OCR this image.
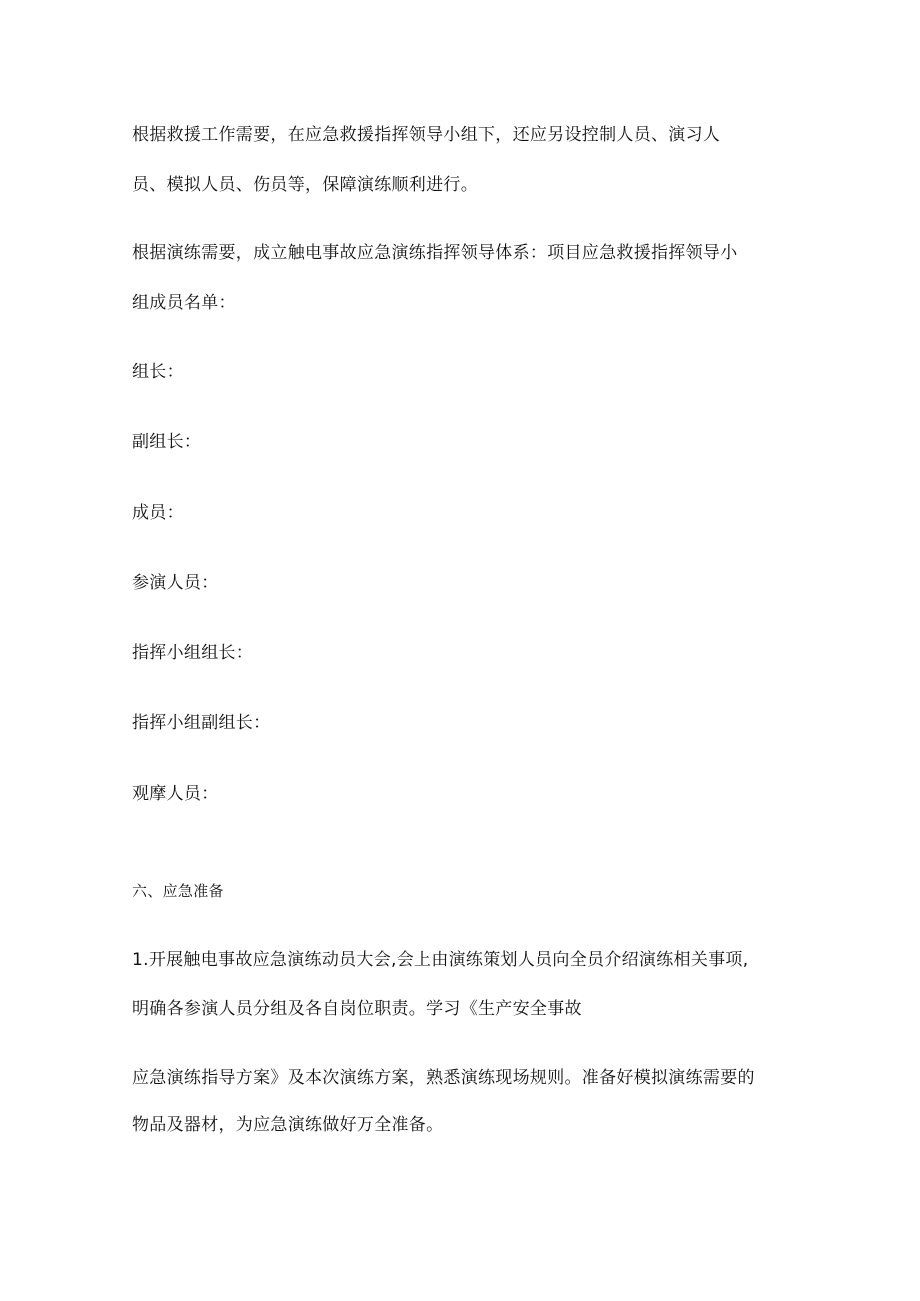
根据救援工作需要，在应急救援指挥领导小组下，还应另设控制人员、演习人
员、模拟人员、伤员等，保障演练顺利进行。
根据演练需要，成立触电事故应急演练指挥领导体系：项目应急救援指挥领导小
组成员名单：
组长：
副组长：
成员：
参演人员：
指挥小组组长：
指挥小组副组长：
观摩人员：
六、应急准备
1.开展触电事故应急演练动员大会,会上由演练策划人员向全员介绍演练相关事项,
明确各参演人员分组及各自岗位职责。学习《生产安全事故
应急演练指导方案》及本次演练方案，熟悉演练现场规则。准备好模拟演练需要的
物品及器材，为应急演练做好万全准备。
